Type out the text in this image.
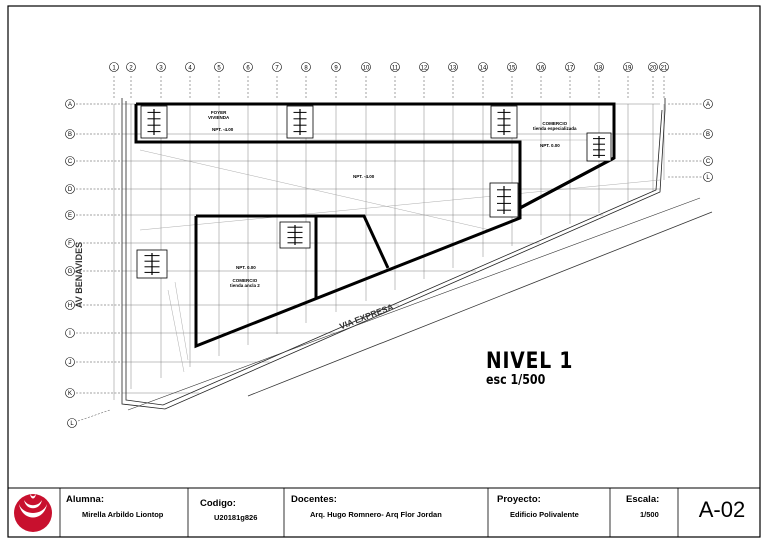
1 2	3	4	5	6	7	8	9	10	11	12	13	14	15	16	17	18	19	20 21
A	A
B	B
C	C
D
E
F
G
H
I
J
K
L
L
NIVEL 1
esc 1/500
AV BENAVIDES
VIA EXPRESA
FOYER
VIVIENDA
NPT. -4.00
NPT. -4.00
COMERCIO
tienda especializada
NPT. 0.00
NPT. 0.00
COMERCIO
tienda ancla 2
Alumna:
Mirella Arbildo Liontop
Codigo:
U20181g826
Docentes:
Arq. Hugo Romnero- Arq Flor Jordan
Proyecto:
Edificio Polivalente
Escala:
1/500	A-02
